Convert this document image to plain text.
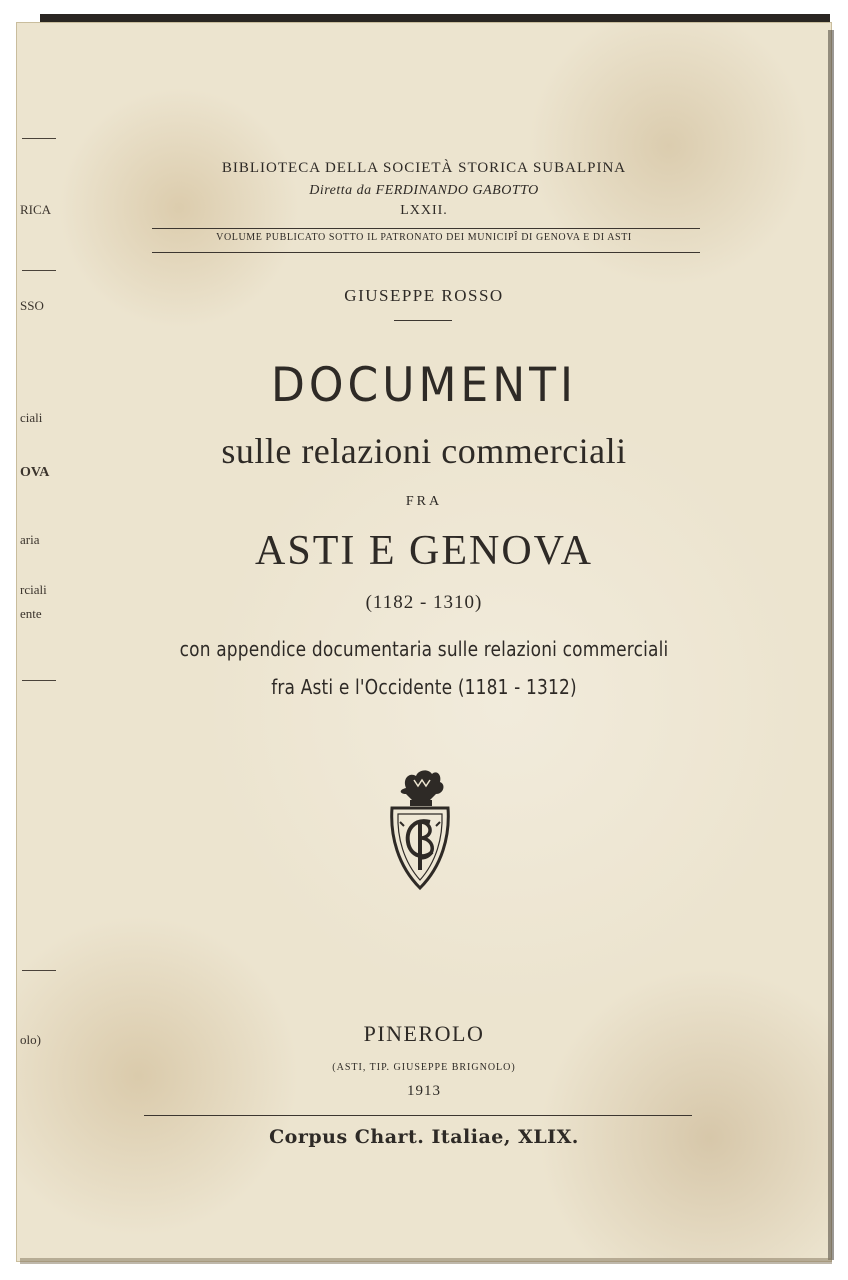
RICA
SSO
ciali
OVA
aria
rciali
ente
olo)
BIBLIOTECA DELLA SOCIETÀ STORICA SUBALPINA
Diretta da FERDINANDO GABOTTO
LXXII.
VOLUME PUBLICATO SOTTO IL PATRONATO DEI MUNICIPÎ DI GENOVA E DI ASTI
GIUSEPPE ROSSO
DOCUMENTI
sulle relazioni commerciali
FRA
ASTI E GENOVA
(1182 - 1310)
con appendice documentaria sulle relazioni commerciali
fra Asti e l'Occidente (1181 - 1312)
PINEROLO
(ASTI, TIP. GIUSEPPE BRIGNOLO)
1913
Corpus Chart. Italiae, XLIX.
